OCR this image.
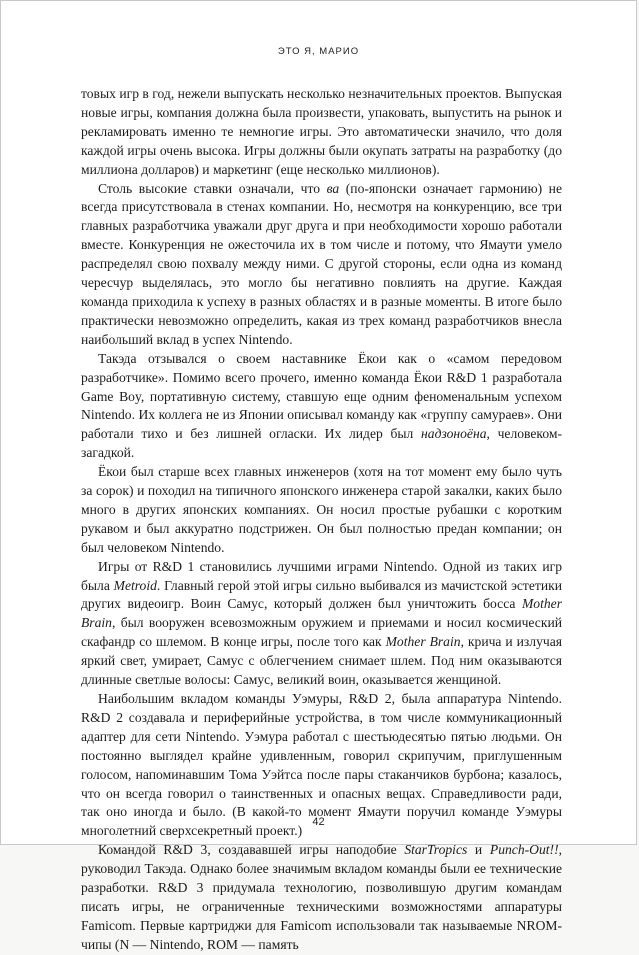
ЭТО Я, МАРИО

товых игр в год, нежели выпускать несколько незначительных проектов. Выпуская новые игры, компания должна была произвести, упаковать, выпустить на рынок и рекламировать именно те немногие игры. Это автоматически значило, что доля каждой игры очень высока. Игры должны были окупать затраты на разработку (до миллиона долларов) и маркетинг (еще несколько миллионов).

Столь высокие ставки означали, что ва (по-японски означает гармонию) не всегда присутствовала в стенах компании. Но, несмотря на конкуренцию, все три главных разработчика уважали друг друга и при необходимости хорошо работали вместе. Конкуренция не ожесточила их в том числе и потому, что Ямаути умело распределял свою похвалу между ними. С другой стороны, если одна из команд чересчур выделялась, это могло бы негативно повлиять на другие. Каждая команда приходила к успеху в разных областях и в разные моменты. В итоге было практически невозможно определить, какая из трех команд разработчиков внесла наибольший вклад в успех Nintendo.

Такэда отзывался о своем наставнике Ёкои как о «самом передовом разработчике». Помимо всего прочего, именно команда Ёкои R&D 1 разработала Game Boy, портативную систему, ставшую еще одним феноменальным успехом Nintendo. Их коллега не из Японии описывал команду как «группу самураев». Они работали тихо и без лишней огласки. Их лидер был надзоноёна, человеком-загадкой.

Ёкои был старше всех главных инженеров (хотя на тот момент ему было чуть за сорок) и походил на типичного японского инженера старой закалки, каких было много в других японских компаниях. Он носил простые рубашки с коротким рукавом и был аккуратно подстрижен. Он был полностью предан компании; он был человеком Nintendo.

Игры от R&D 1 становились лучшими играми Nintendo. Одной из таких игр была Metroid. Главный герой этой игры сильно выбивался из мачистской эстетики других видеоигр. Воин Самус, который должен был уничтожить босса Mother Brain, был вооружен всевозможным оружием и приемами и носил космический скафандр со шлемом. В конце игры, после того как Mother Brain, крича и излучая яркий свет, умирает, Самус с облегчением снимает шлем. Под ним оказываются длинные светлые волосы: Самус, великий воин, оказывается женщиной.

Наибольшим вкладом команды Уэмуры, R&D 2, была аппаратура Nintendo. R&D 2 создавала и периферийные устройства, в том числе коммуникационный адаптер для сети Nintendo. Уэмура работал с шестьюдесятью пятью людьми. Он постоянно выглядел крайне удивленным, говорил скрипучим, приглушенным голосом, напоминавшим Тома Уэйтса после пары стаканчиков бурбона; казалось, что он всегда говорил о таинственных и опасных вещах. Справедливости ради, так оно иногда и было. (В какой-то момент Ямаути поручил команде Уэмуры многолетний сверхсекретный проект.)

Командой R&D 3, создававшей игры наподобие StarTropics и Punch-Out!!, руководил Такэда. Однако более значимым вкладом команды были ее технические разработки. R&D 3 придумала технологию, позволившую другим командам писать игры, не ограниченные техническими возможностями аппаратуры Famicom. Первые картриджи для Famicom использовали так называемые NROM-чипы (N — Nintendo, ROM — память

42
